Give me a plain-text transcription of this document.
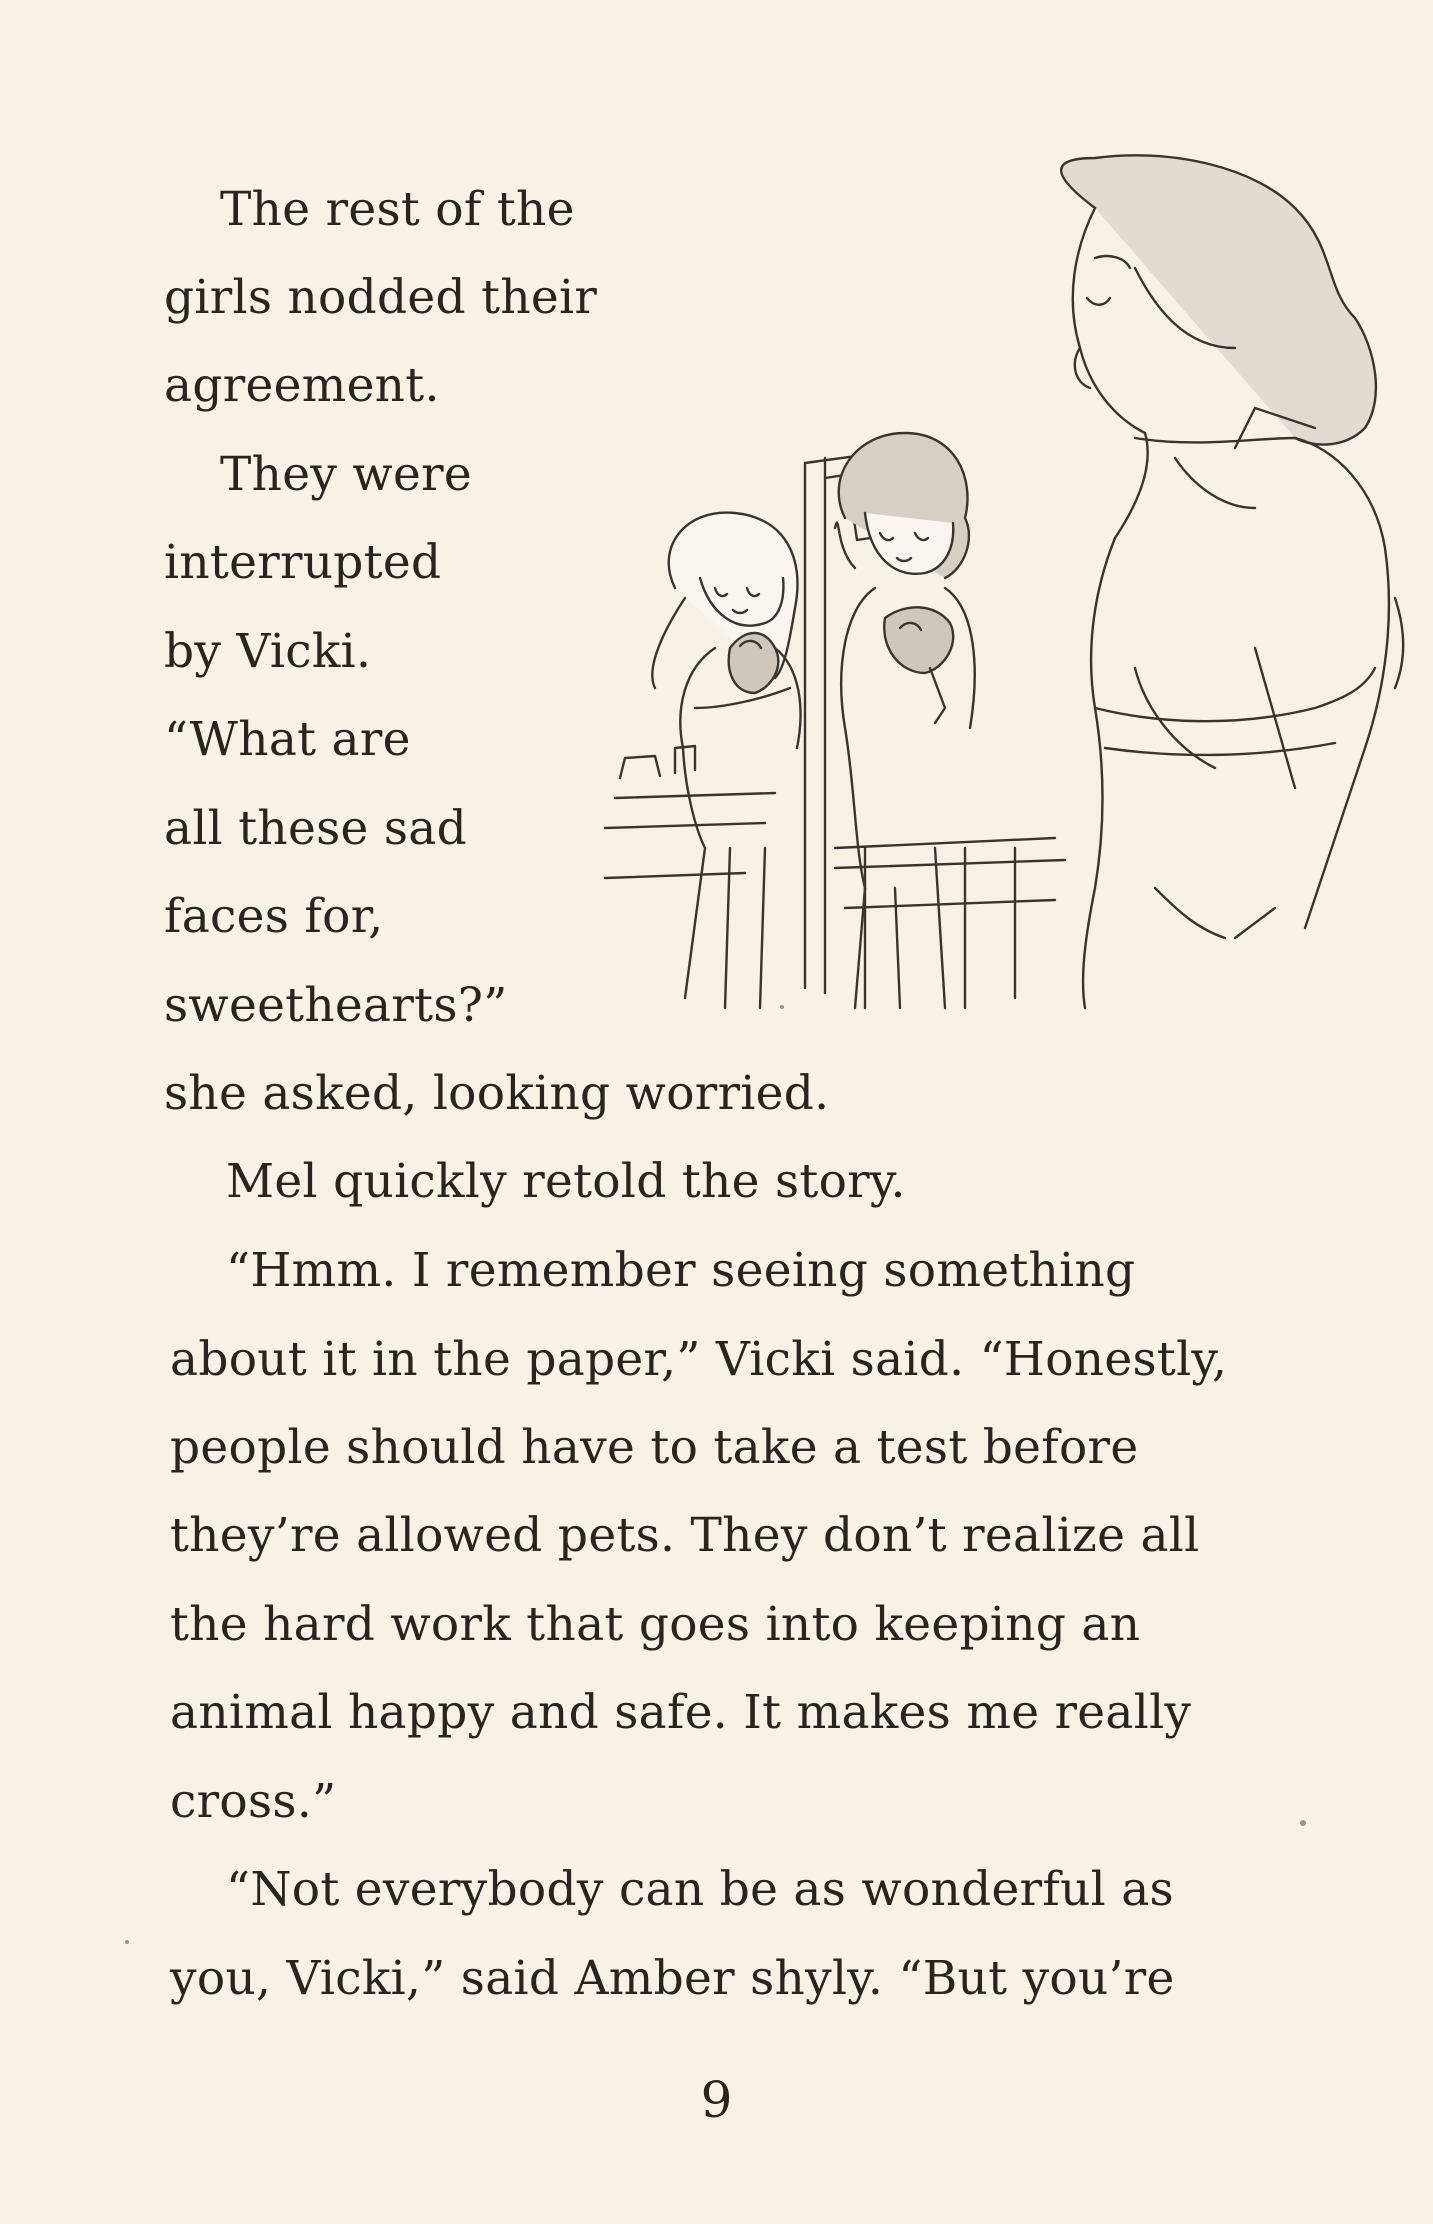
The rest of the
girls nodded their
agreement.
They were
interrupted
by Vicki.
“What are
all these sad
faces for,
sweethearts?”
she asked, looking worried.
Mel quickly retold the story.
“Hmm. I remember seeing something
about it in the paper,” Vicki said. “Honestly,
people should have to take a test before
they’re allowed pets. They don’t realize all
the hard work that goes into keeping an
animal happy and safe. It makes me really
cross.”
“Not everybody can be as wonderful as
you, Vicki,” said Amber shyly. “But you’re
9
